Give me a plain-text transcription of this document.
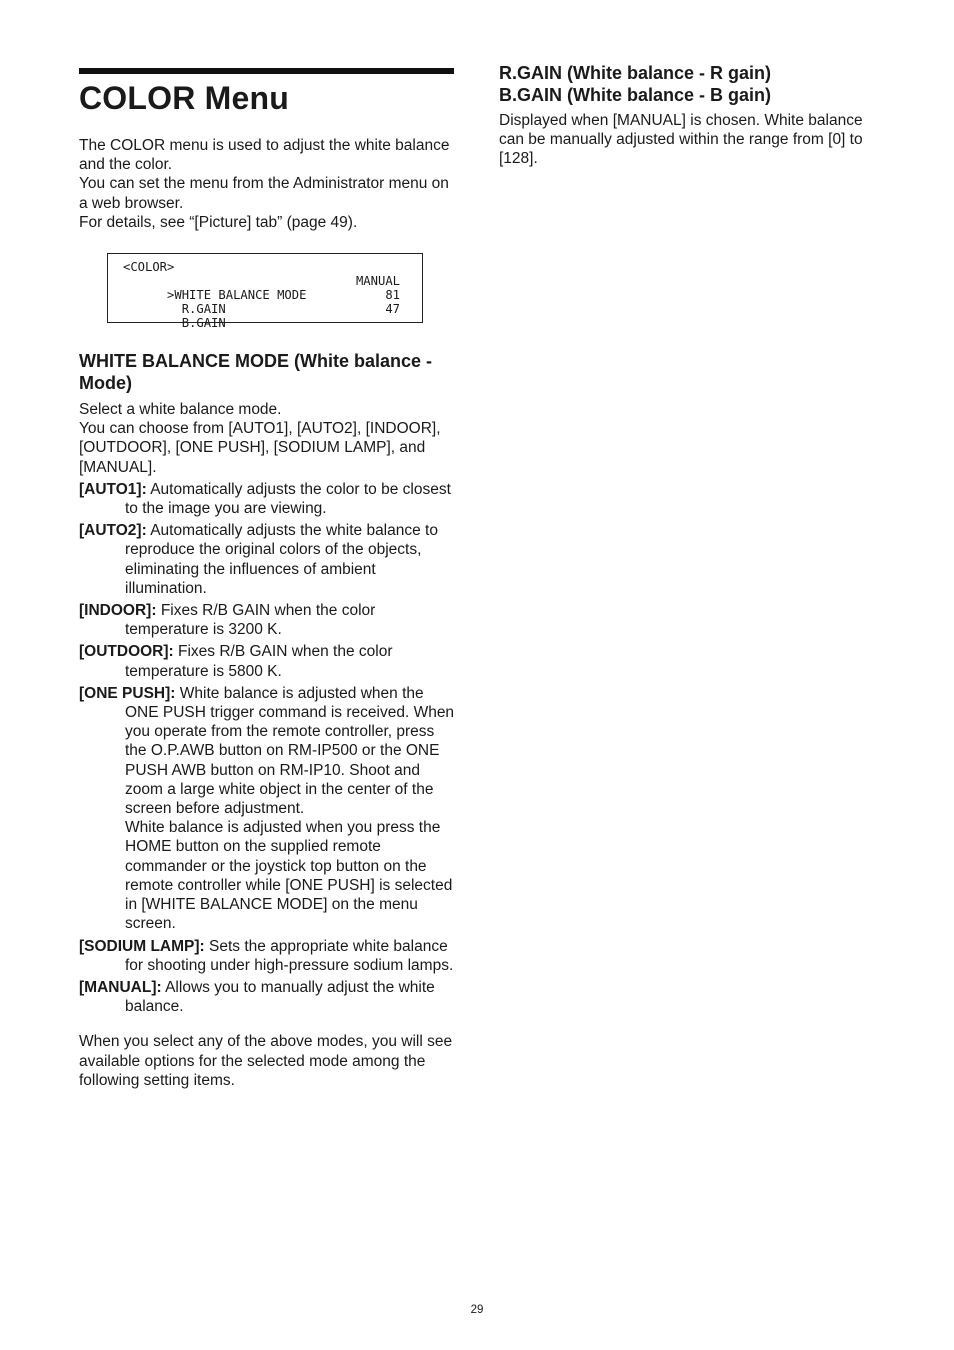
COLOR Menu

The COLOR menu is used to adjust the white balance and the color.

You can set the menu from the Administrator menu on a web browser.

For details, see “[Picture] tab” (page 49).

<COLOR>

>WHITE BALANCE MODE

MANUAL

R.GAIN

81

B.GAIN

47

WHITE BALANCE MODE (White balance - Mode)

Select a white balance mode.

You can choose from [AUTO1], [AUTO2], [INDOOR], [OUTDOOR], [ONE PUSH], [SODIUM LAMP], and [MANUAL].

[AUTO1]: Automatically adjusts the color to be closest to the image you are viewing.
[AUTO2]: Automatically adjusts the white balance to reproduce the original colors of the objects, eliminating the influences of ambient illumination.
[INDOOR]: Fixes R/B GAIN when the color temperature is 3200 K.
[OUTDOOR]: Fixes R/B GAIN when the color temperature is 5800 K.
[ONE PUSH]: White balance is adjusted when the ONE PUSH trigger command is received. When you operate from the remote controller, press the O.P.AWB button on RM-IP500 or the ONE PUSH AWB button on RM-IP10. Shoot and zoom a large white object in the center of the screen before adjustment.
White balance is adjusted when you press the HOME button on the supplied remote commander or the joystick top button on the remote controller while [ONE PUSH] is selected in [WHITE BALANCE MODE] on the menu screen.
[SODIUM LAMP]: Sets the appropriate white balance for shooting under high-pressure sodium lamps.
[MANUAL]: Allows you to manually adjust the white balance.

When you select any of the above modes, you will see available options for the selected mode among the following setting items.

R.GAIN (White balance - R gain)
B.GAIN (White balance - B gain)

Displayed when [MANUAL] is chosen. White balance can be manually adjusted within the range from [0] to [128].

29
